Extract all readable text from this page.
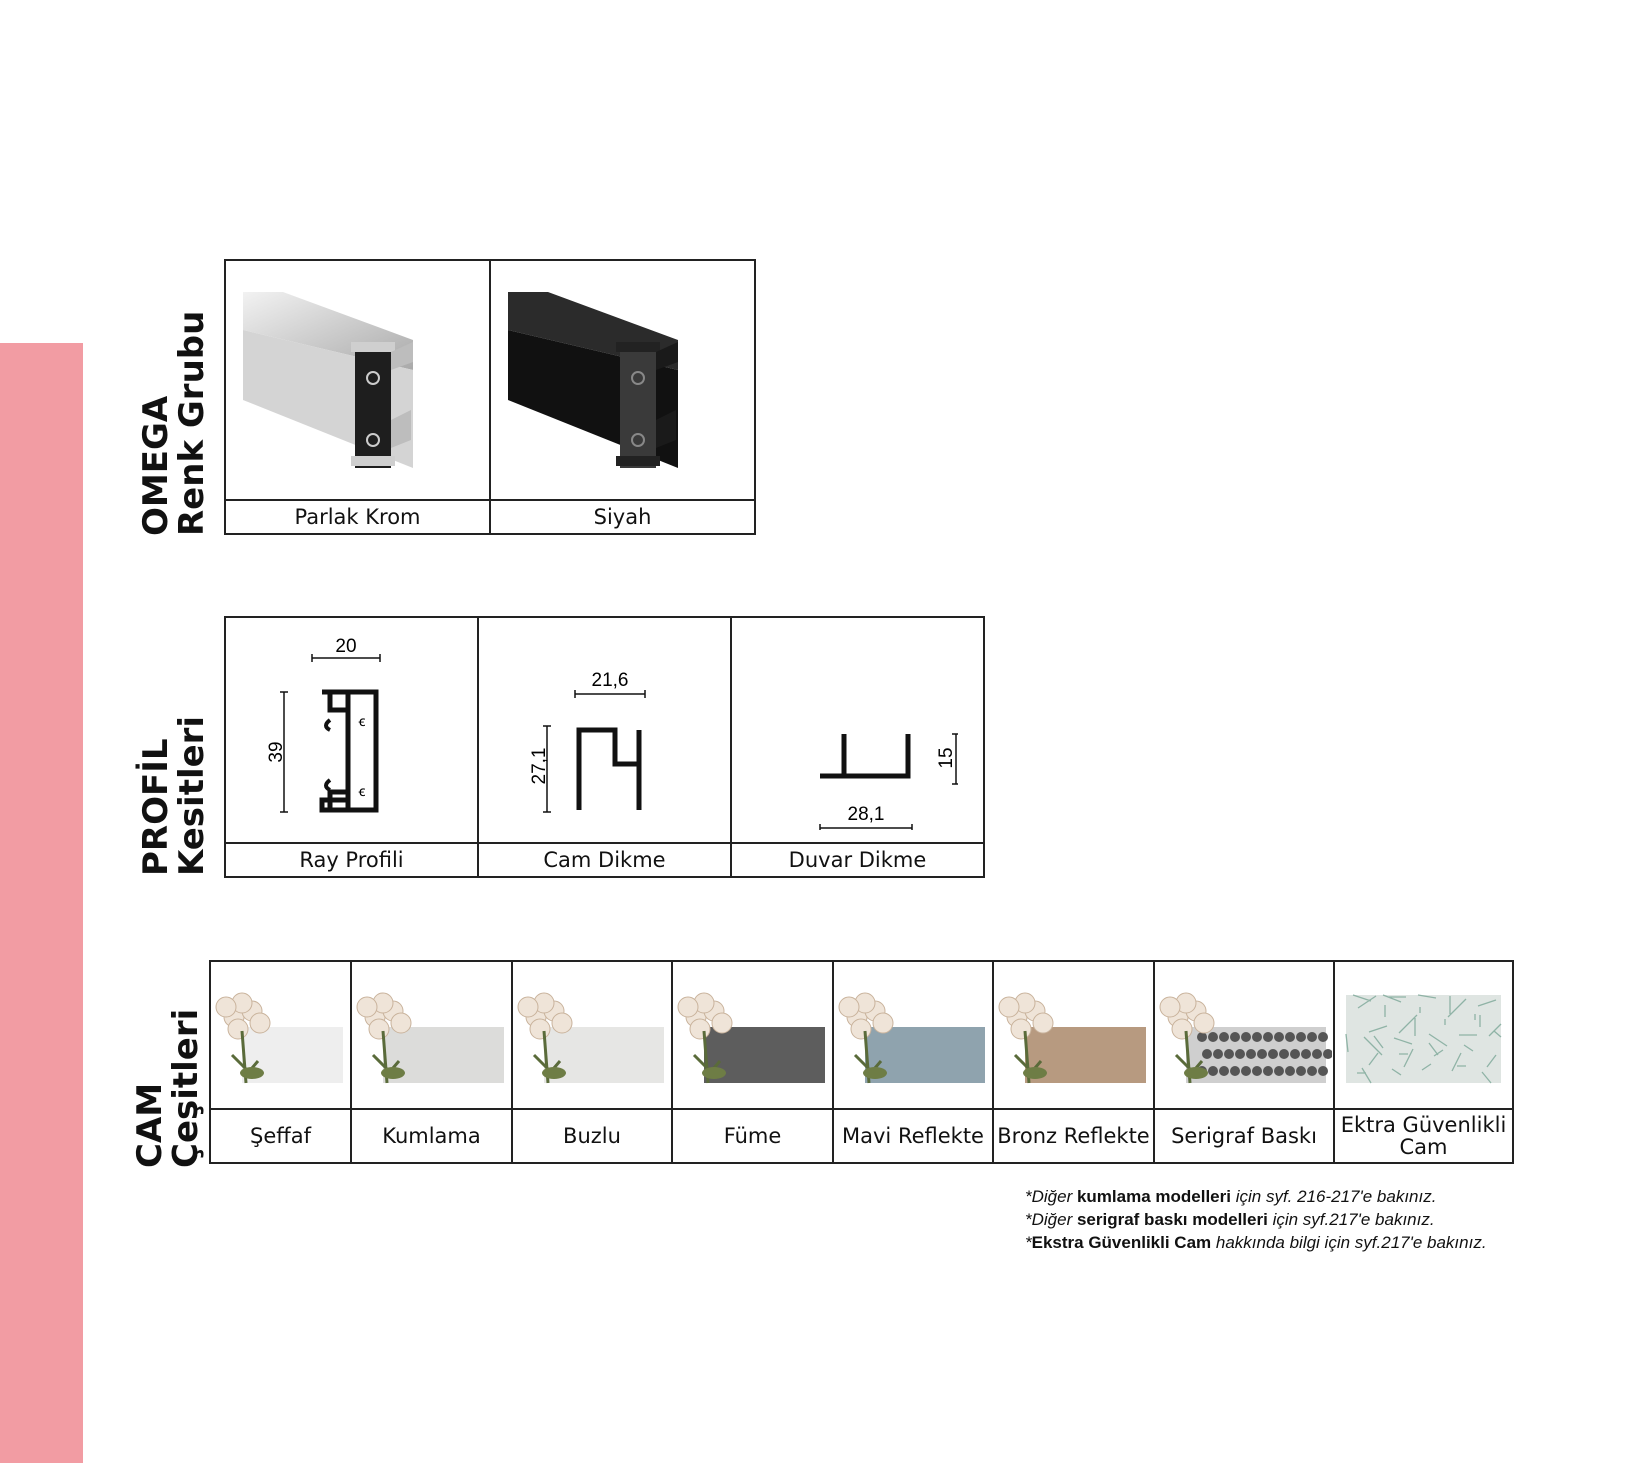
OMEGA
Renk Grubu
		Parlak Krom	Siyah
PROFİL
Kesitleri
20
39
ꞓ
ꞓ	21,6
27,1	15
28,1

Ray Profili	Cam Dikme	Duvar Dikme
CAM
Çeşitleri

	Şeffaf	Kumlama	Buzlu	Füme	Mavi Reflekte	Bronz Reflekte	Serigraf Baskı	Ektra Güvenlikli
Cam
*Diğer kumlama modelleri için syf. 216-217'e bakınız.
*Diğer serigraf baskı modelleri için syf.217'e bakınız.
*Ekstra Güvenlikli Cam hakkında bilgi için syf.217'e bakınız.
